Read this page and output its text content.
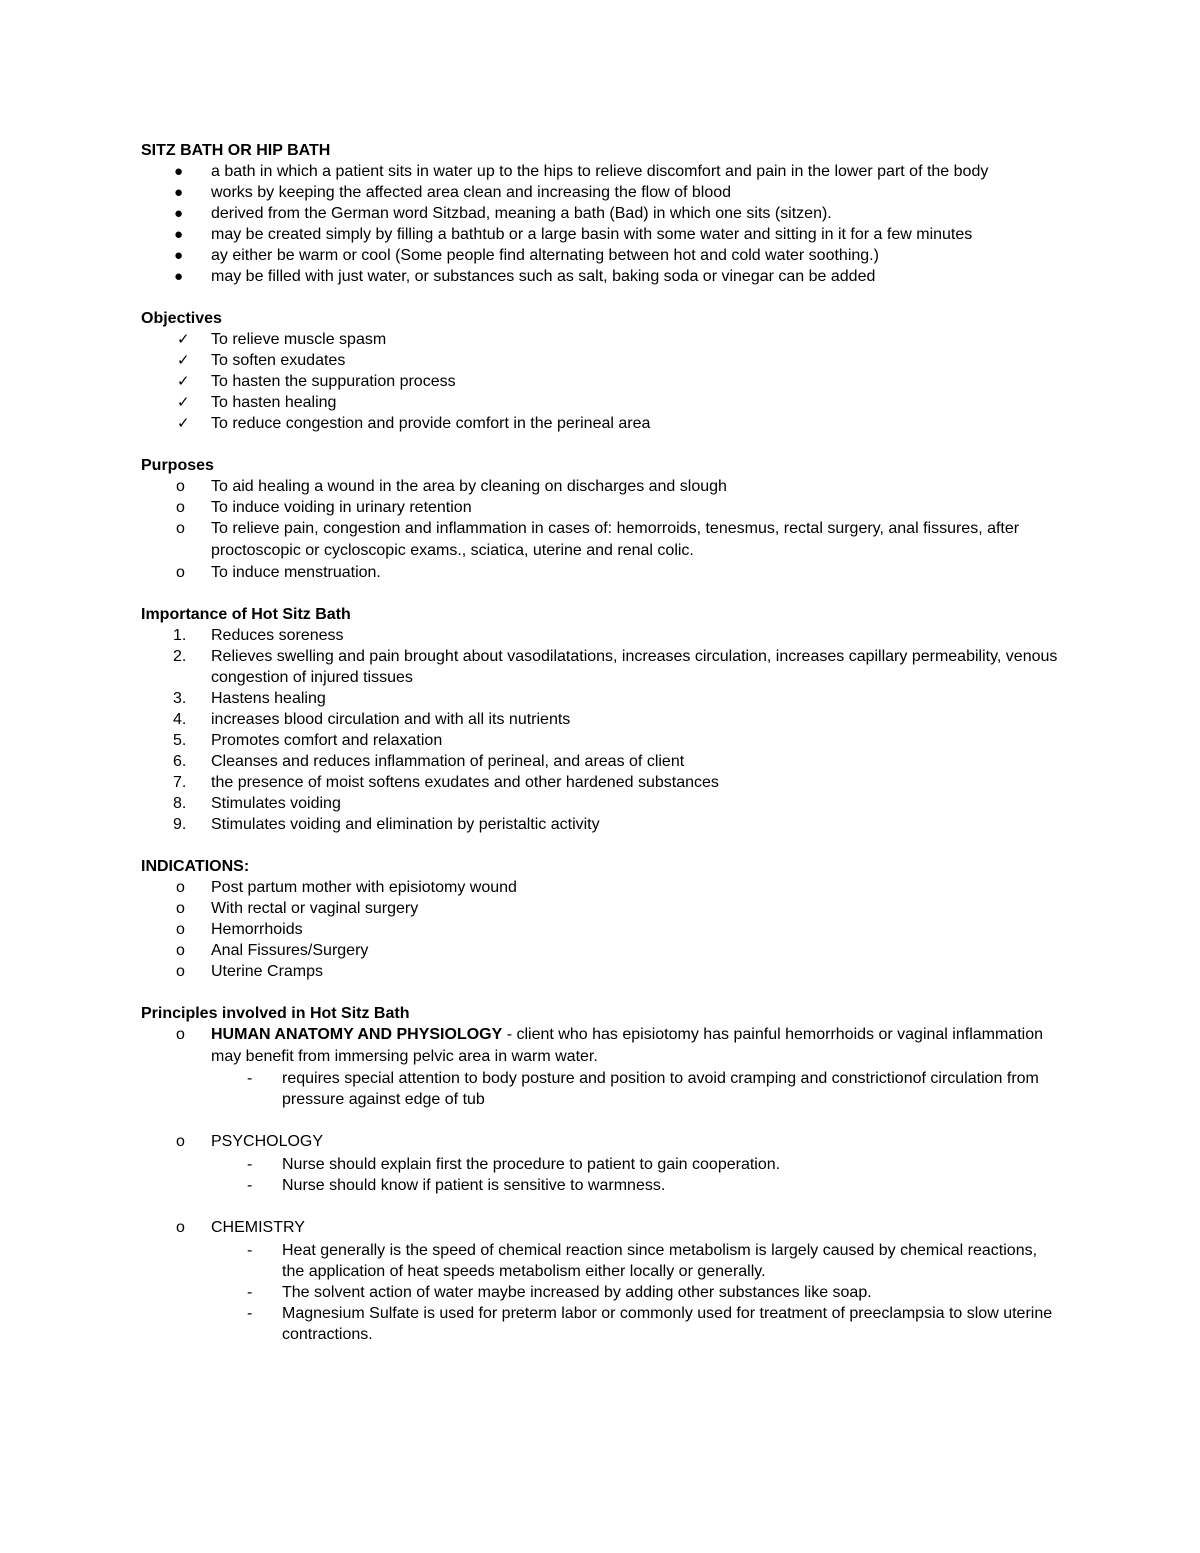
SITZ BATH OR HIP BATH

●	a bath in which a patient sits in water up to the hips to relieve discomfort and pain in the lower part of the body
●	works by keeping the affected area clean and increasing the flow of blood
●	derived from the German word Sitzbad, meaning a bath (Bad) in which one sits (sitzen).
●	may be created simply by filling a bathtub or a large basin with some water and sitting in it for a few minutes
●	ay either be warm or cool (Some people find alternating between hot and cold water soothing.)
●	may be filled with just water, or substances such as salt, baking soda or vinegar can be added

Objectives

✓	To relieve muscle spasm
✓	To soften exudates
✓	To hasten the suppuration process
✓	To hasten healing
✓	To reduce congestion and provide comfort in the perineal area

Purposes

o	To aid healing a wound in the area by cleaning on discharges and slough
o	To induce voiding in urinary retention
o	To relieve pain, congestion and inflammation in cases of: hemorroids, tenesmus, rectal surgery, anal fissures, after proctoscopic or cycloscopic exams., sciatica, uterine and renal colic.
o	To induce menstruation.

Importance of Hot Sitz Bath

1.	Reduces soreness
2.	Relieves swelling and pain brought about vasodilatations, increases circulation, increases capillary permeability, venous congestion of injured tissues
3.	Hastens healing
4.	increases blood circulation and with all its nutrients
5.	Promotes comfort and relaxation
6.	Cleanses and reduces inflammation of perineal, and areas of client
7.	the presence of moist softens exudates and other hardened substances
8.	Stimulates voiding
9.	Stimulates voiding and elimination by peristaltic activity

INDICATIONS:

o	Post partum mother with episiotomy wound
o	With rectal or vaginal surgery
o	Hemorrhoids
o	Anal Fissures/Surgery
o	Uterine Cramps

Principles involved in Hot Sitz Bath

o	HUMAN ANATOMY AND PHYSIOLOGY - client who has episiotomy has painful hemorrhoids or vaginal inflammation may benefit from immersing pelvic area in warm water.
-	requires special attention to body posture and position to avoid cramping and constrictionof circulation from pressure against edge of tub
o	PSYCHOLOGY
-	Nurse should explain first the procedure to patient to gain cooperation.
-	Nurse should know if patient is sensitive to warmness.
o	CHEMISTRY
-	Heat generally is the speed of chemical reaction since metabolism is largely caused by chemical reactions, the application of heat speeds metabolism either locally or generally.
-	The solvent action of water maybe increased by adding other substances like soap.
-	Magnesium Sulfate is used for preterm labor or commonly used for treatment of preeclampsia to slow uterine contractions.
